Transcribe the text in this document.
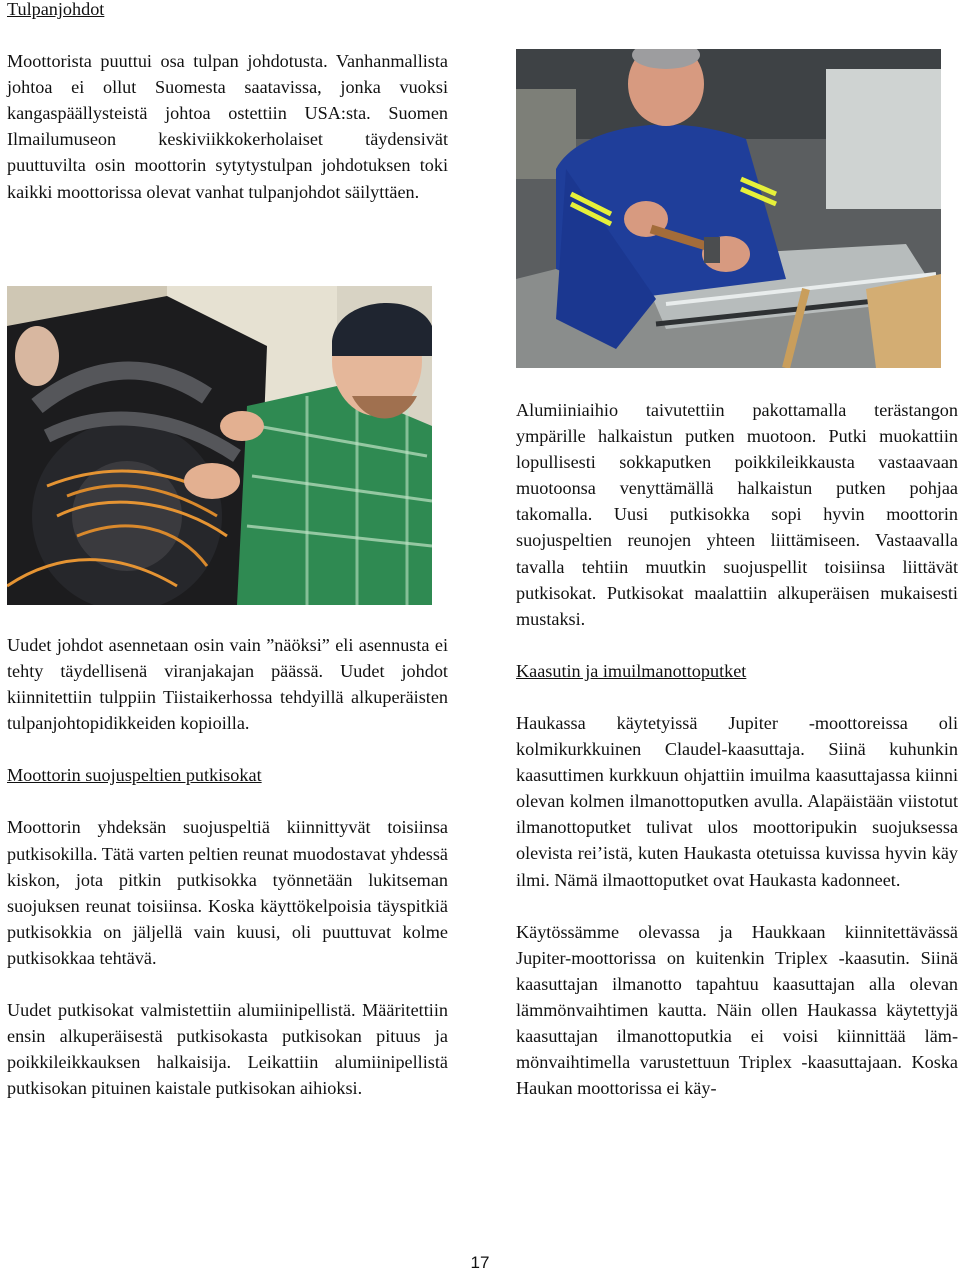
Tulpanjohdot

Moottorista puuttui osa tulpan johdotusta. Vanhanmallista johtoa ei ollut Suomesta saatavissa, jonka vuoksi kangaspäällysteistä johtoa ostettiin USA:sta. Suomen Ilmailumuseon keskiviikkokerholaiset täydensivät puuttuvilta osin moottorin sytytystulpan johdotuksen toki kaikki moottorissa olevat vanhat tulpanjohdot säilyttäen.

Uudet johdot asennetaan osin vain ”näöksi” eli asennusta ei tehty täydellisenä viranjakajan päässä. Uudet johdot kiinnitettiin tulppiin Tiistaikerhossa tehdyillä alkuperäisten tulpanjohtopidikkeiden kopioilla.

Moottorin suojuspeltien putkisokat

Moottorin yhdeksän suojuspeltiä kiinnittyvät toisiinsa putkisokilla. Tätä varten peltien reunat muodostavat yhdessä kiskon, jota pitkin putkisokka työnnetään lukitseman suojuksen reunat toisiinsa. Koska käyttökelpoisia täyspitkiä putkisokkia on jäljellä vain kuusi, oli puuttuvat kolme putkisokkaa tehtävä.

Uudet putkisokat valmistettiin alumiinipellistä. Määritettiin ensin alkuperäisestä putkisokasta putkisokan pituus ja poikkileikkauksen halkaisija. Leikattiin alumiinipellistä putkisokan pituinen kaistale putkisokan aihioksi.

Alumiiniaihio taivutettiin pakottamalla terästangon ympärille halkaistun putken muotoon. Putki muokattiin lopullisesti sokkaputken poikkileikkausta vastaavaan muotoonsa venyttämällä halkaistun putken pohjaa takomalla. Uusi putkisokka sopi hyvin moottorin suojuspeltien reunojen yhteen liittämiseen. Vastaavalla tavalla tehtiin muutkin suojuspellit toisiinsa liittävät putkisokat. Putkisokat maalattiin alkuperäisen mukaisesti mustaksi.

Kaasutin ja imuilmanottoputket

Haukassa käytetyissä Jupiter -moottoreissa oli kolmikurkkuinen Claudel-kaasuttaja. Siinä kuhunkin kaasuttimen kurkkuun ohjattiin imuilma kaasuttajassa kiinni olevan kolmen ilmanottoputken avulla. Alapäistään viistotut ilmanottoputket tulivat ulos moottoripukin suojuksessa olevista rei’istä, kuten Haukasta otetuissa kuvissa hyvin käy ilmi. Nämä ilmaottoputket ovat Haukasta kadonneet.

Käytössämme olevassa ja Haukkaan kiinnitettävässä Jupiter-moottorissa on kuitenkin Triplex -kaasutin. Siinä kaasuttajan ilmanotto tapahtuu kaasuttajan alla olevan lämmönvaihtimen kautta. Näin ollen Haukassa käytettyjä kaasuttajan ilmanottoputkia ei voisi kiinnittää lämmönvaihtimella varustettuun Triplex -kaasuttajaan. Koska Haukan moottorissa ei käy-

17
